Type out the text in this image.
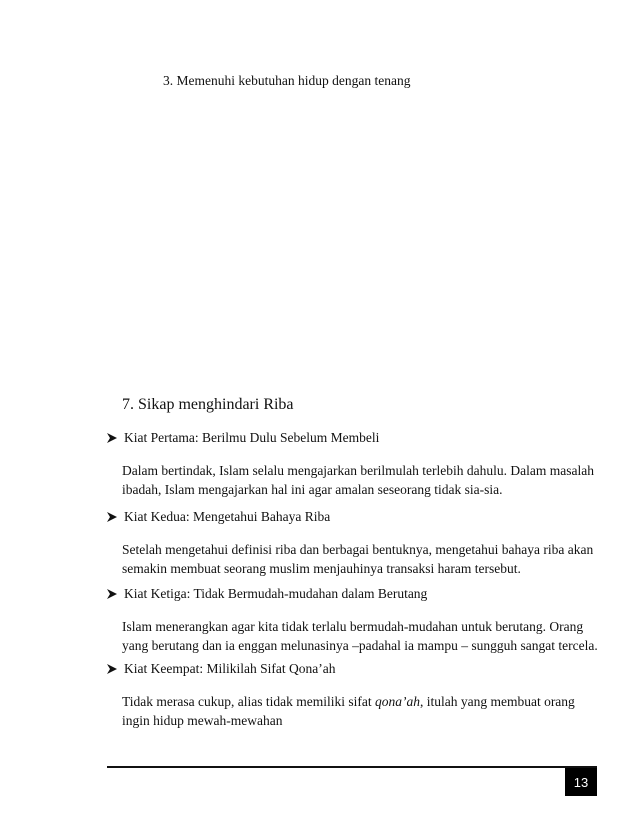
3. Memenuhi kebutuhan hidup dengan tenang
7. Sikap menghindari Riba
Kiat Pertama: Berilmu Dulu Sebelum Membeli

Dalam bertindak, Islam selalu mengajarkan berilmulah terlebih dahulu. Dalam masalah

ibadah, Islam mengajarkan hal ini agar amalan seseorang tidak sia-sia.

Kiat Kedua: Mengetahui Bahaya Riba

Setelah mengetahui definisi riba dan berbagai bentuknya, mengetahui bahaya riba akan

semakin membuat seorang muslim menjauhinya transaksi haram tersebut.

Kiat Ketiga: Tidak Bermudah-mudahan dalam Berutang

Islam menerangkan agar kita tidak terlalu bermudah-mudahan untuk berutang. Orang

yang berutang dan ia enggan melunasinya –padahal ia mampu – sungguh sangat tercela.

Kiat Keempat: Milikilah Sifat Qona’ah

Tidak merasa cukup, alias tidak memiliki sifat qona’ah, itulah yang membuat orang

ingin hidup mewah-mewahan

13
